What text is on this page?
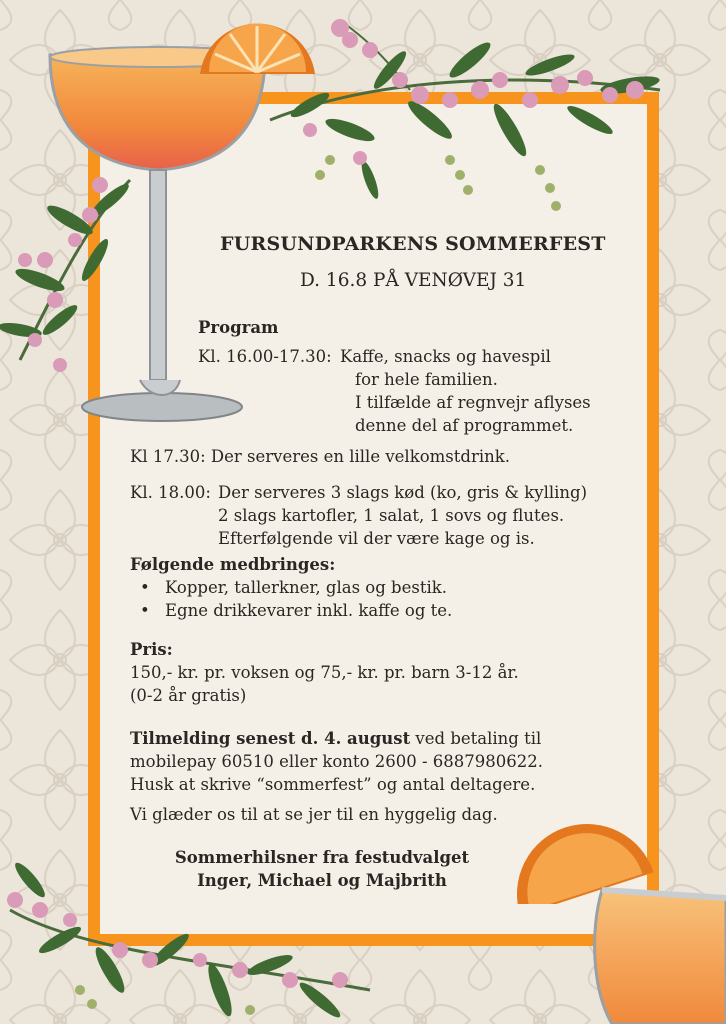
FURSUNDPARKENS SOMMERFEST
D. 16.8 PÅ VENØVEJ 31
Program
Kl. 16.00-17.30: Kaffe, snacks og havespil
for hele familien.
I tilfælde af regnvejr aflyses
denne del af programmet.
Kl 17.30: Der serveres en lille velkomstdrink.
Kl. 18.00: Der serveres 3 slags kød (ko, gris & kylling)
2 slags kartofler, 1 salat, 1 sovs og flutes.
Efterfølgende vil der være kage og is.
Følgende medbringes:
• Kopper, tallerkner, glas og bestik.
• Egne drikkevarer inkl. kaffe og te.
Pris:
150,- kr. pr. voksen og 75,- kr. pr. barn 3-12 år.
(0-2 år gratis)
Tilmelding senest d. 4. august ved betaling til
mobilepay 60510 eller konto 2600 - 6887980622.
Husk at skrive “sommerfest” og antal deltagere.
Vi glæder os til at se jer til en hyggelig dag.
Sommerhilsner fra festudvalget
Inger, Michael og Majbrith
